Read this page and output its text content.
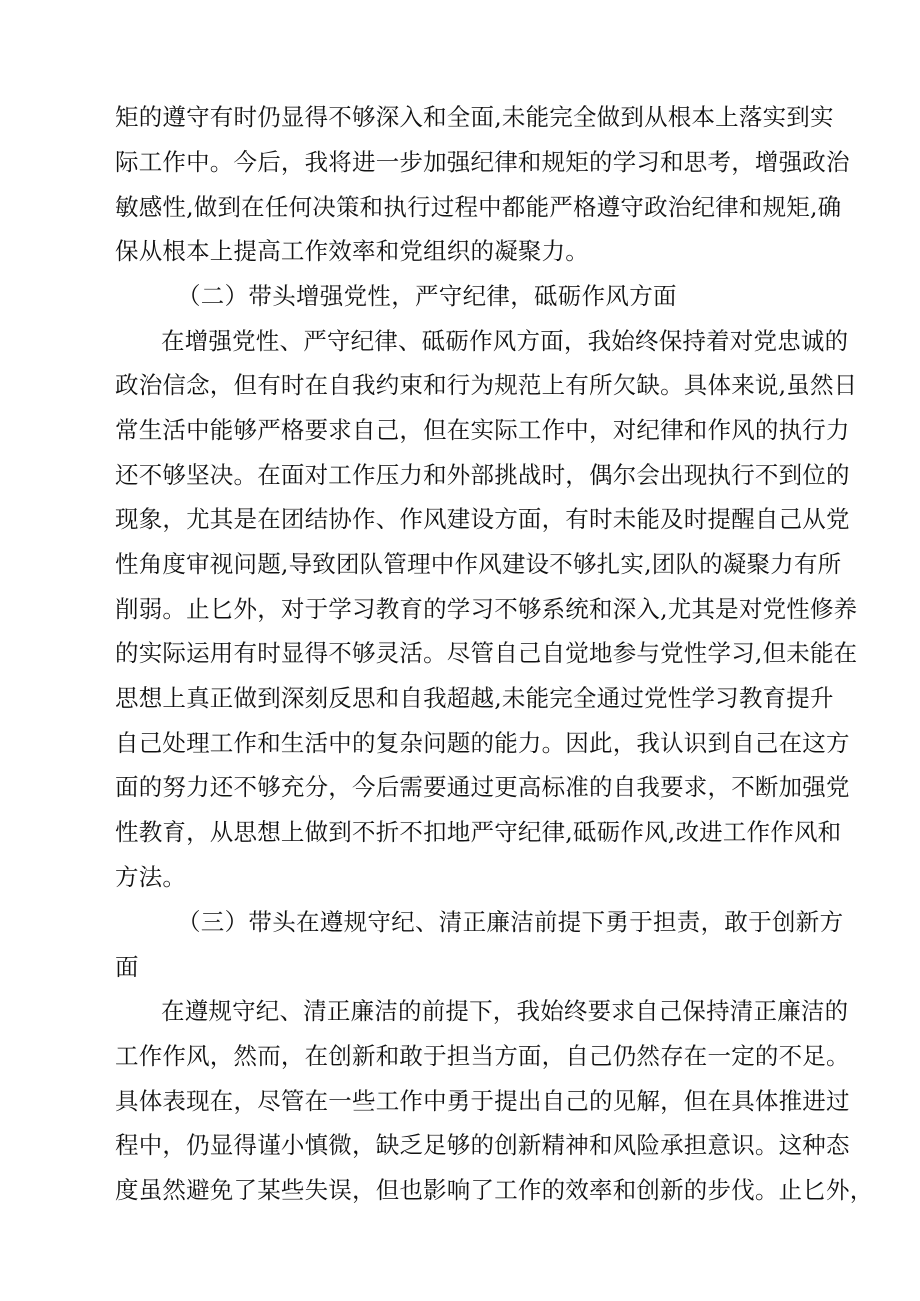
矩的遵守有时仍显得不够深入和全面,未能完全做到从根本上落实到实
际工作中。今后，我将进一步加强纪律和规矩的学习和思考，增强政治
敏感性,做到在任何决策和执行过程中都能严格遵守政治纪律和规矩,确
保从根本上提高工作效率和党组织的凝聚力。
（二）带头增强党性，严守纪律，砥砺作风方面
在增强党性、严守纪律、砥砺作风方面，我始终保持着对党忠诚的
政治信念，但有时在自我约束和行为规范上有所欠缺。具体来说,虽然日
常生活中能够严格要求自己，但在实际工作中，对纪律和作风的执行力
还不够坚决。在面对工作压力和外部挑战时，偶尔会出现执行不到位的
现象，尤其是在团结协作、作风建设方面，有时未能及时提醒自己从党
性角度审视问题,导致团队管理中作风建设不够扎实,团队的凝聚力有所
削弱。止匕外，对于学习教育的学习不够系统和深入,尤其是对党性修养
的实际运用有时显得不够灵活。尽管自己自觉地参与党性学习,但未能在
思想上真正做到深刻反思和自我超越,未能完全通过党性学习教育提升
自己处理工作和生活中的复杂问题的能力。因此，我认识到自己在这方
面的努力还不够充分，今后需要通过更高标准的自我要求，不断加强党
性教育，从思想上做到不折不扣地严守纪律,砥砺作风,改进工作作风和
方法。
（三）带头在遵规守纪、清正廉洁前提下勇于担责，敢于创新方
面
在遵规守纪、清正廉洁的前提下，我始终要求自己保持清正廉洁的
工作作风，然而，在创新和敢于担当方面，自己仍然存在一定的不足。
具体表现在，尽管在一些工作中勇于提出自己的见解，但在具体推进过
程中，仍显得谨小慎微，缺乏足够的创新精神和风险承担意识。这种态
度虽然避免了某些失误，但也影响了工作的效率和创新的步伐。止匕外，
